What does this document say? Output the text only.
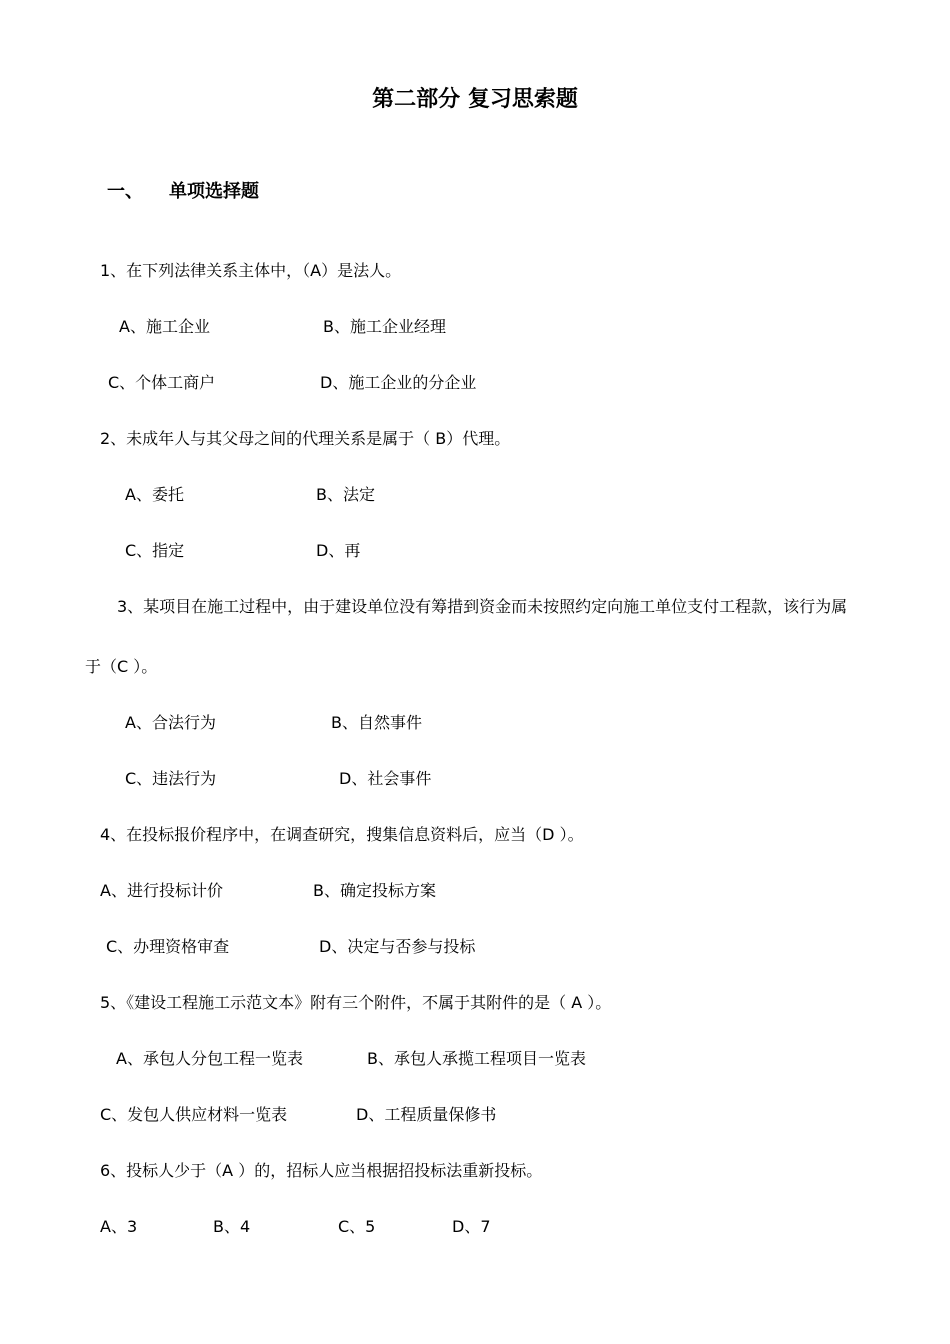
第二部分 复习思索题
一、 单项选择题
1、在下列法律关系主体中，（A）是法人。
A、施工企业	B、施工企业经理
C、个体工商户	D、施工企业的分企业
2、未成年人与其父母之间的代理关系是属于（ B）代理。
A、委托	B、法定
C、指定	D、再
3、某项目在施工过程中，由于建设单位没有筹措到资金而未按照约定向施工单位支付工程款，该行为属
于（C ）。
A、合法行为	B、自然事件
C、违法行为	D、社会事件
4、在投标报价程序中，在调查研究，搜集信息资料后，应当（D ）。
A、进行投标计价	B、确定投标方案
C、办理资格审查	D、决定与否参与投标
5、《建设工程施工示范文本》附有三个附件，不属于其附件的是（ A ）。
A、承包人分包工程一览表	B、承包人承揽工程项目一览表
C、发包人供应材料一览表	D、工程质量保修书
6、投标人少于（A ）的，招标人应当根据招投标法重新投标。
A、3	B、4	C、5	D、7
